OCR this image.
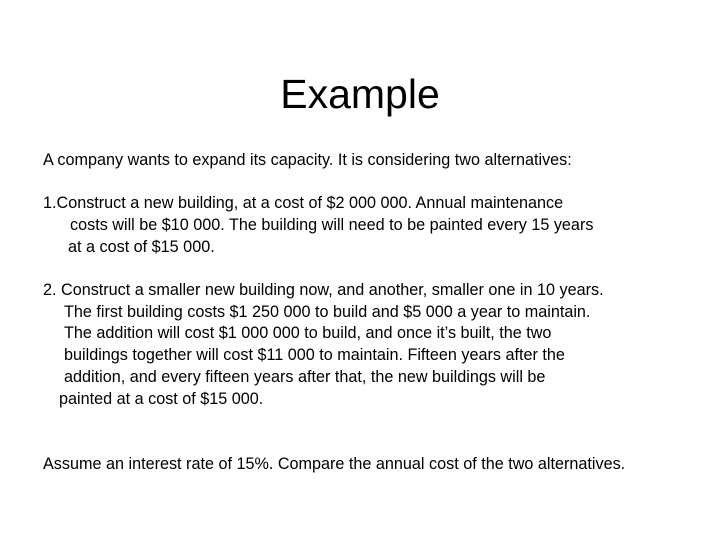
Example
A company wants to expand its capacity. It is considering two alternatives:
1.Construct a new building, at a cost of $2 000 000. Annual maintenance
costs will be $10 000. The building will need to be painted every 15 years
at a cost of $15 000.
2. Construct a smaller new building now, and another, smaller one in 10 years.
The first building costs $1 250 000 to build and $5 000 a year to maintain.
The addition will cost $1 000 000 to build, and once it’s built, the two
buildings together will cost $11 000 to maintain. Fifteen years after the
addition, and every fifteen years after that, the new buildings will be
painted at a cost of $15 000.
Assume an interest rate of 15%. Compare the annual cost of the two alternatives.
